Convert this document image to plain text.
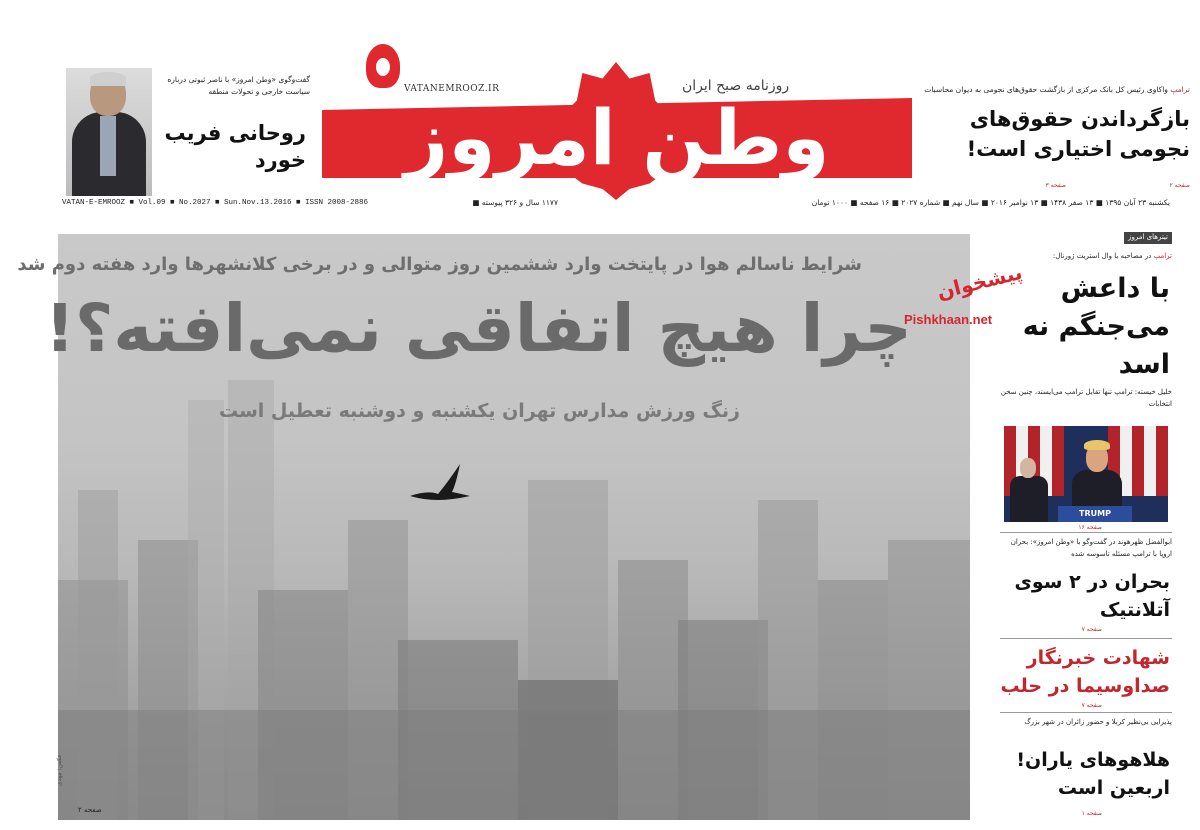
گفت‌وگوی «وطن امروز» با ناصر ثبوتی درباره سیاست خارجی و تحولات منطقه
روحانی فریب خورد	وطن امروز
VATANEMROOZ.IR	روزنامه صبح ایران	ترامپ واکاوی رئیس کل بانک مرکزی از بازگشت حقوق‌های نجومی به دیوان محاسبات
بازگرداندن حقوق‌های نجومی اختیاری است!
صفحه ۲
صفحه ۳
VATAN-E-EMROOZ ■ Vol.09 ■ No.2027 ■ Sun.Nov.13.2016 ■ ISSN 2008-2886	۱۱۷۷ سال و ۳۲۶ پیوسته ■	یکشنبه ۲۳ آبان ۱۳۹۵ ■ ۱۳ صفر ۱۴۳۸ ■ ۱۳ نوامبر ۲۰۱۶ ■ سال نهم ■ شماره ۲۰۲۷ ■ ۱۶ صفحه ■ ۱۰۰۰ تومان
شرایط ناسالم هوا در پایتخت وارد ششمین روز متوالی و در برخی کلانشهرها وارد هفته دوم شد
چرا هیچ اتفاقی نمی‌افته؟!
زنگ ورزش مدارس تهران یکشنبه و دوشنبه تعطیل است
عکس: مهدی
صفحه ۲
پیشخوان
Pishkhaan.net
تیترهای امروز
ترامپ در مصاحبه با وال استریت ژورنال:
با داعش می‌جنگم نه اسد
خلیل خیسته: ترامپ تنها تقابل ترامپ می‌ایستد، چنین سخن انتخابات
TRUMP
صفحه ۱۶
ابوالفضل ظهرهوند در گفت‌وگو با «وطن امروز»: بحران اروپا با ترامپ مسئله تاسوسه شده
بحران در ۲ سوی آتلانتیک
صفحه ۷
شهادت خبرنگار صداوسیما در حلب
صفحه ۷
پذیرایی بی‌نظیر کربلا و حضور زائران در شهر بزرگ
هلاهوهای یاران! اربعین است
صفحه ۱
